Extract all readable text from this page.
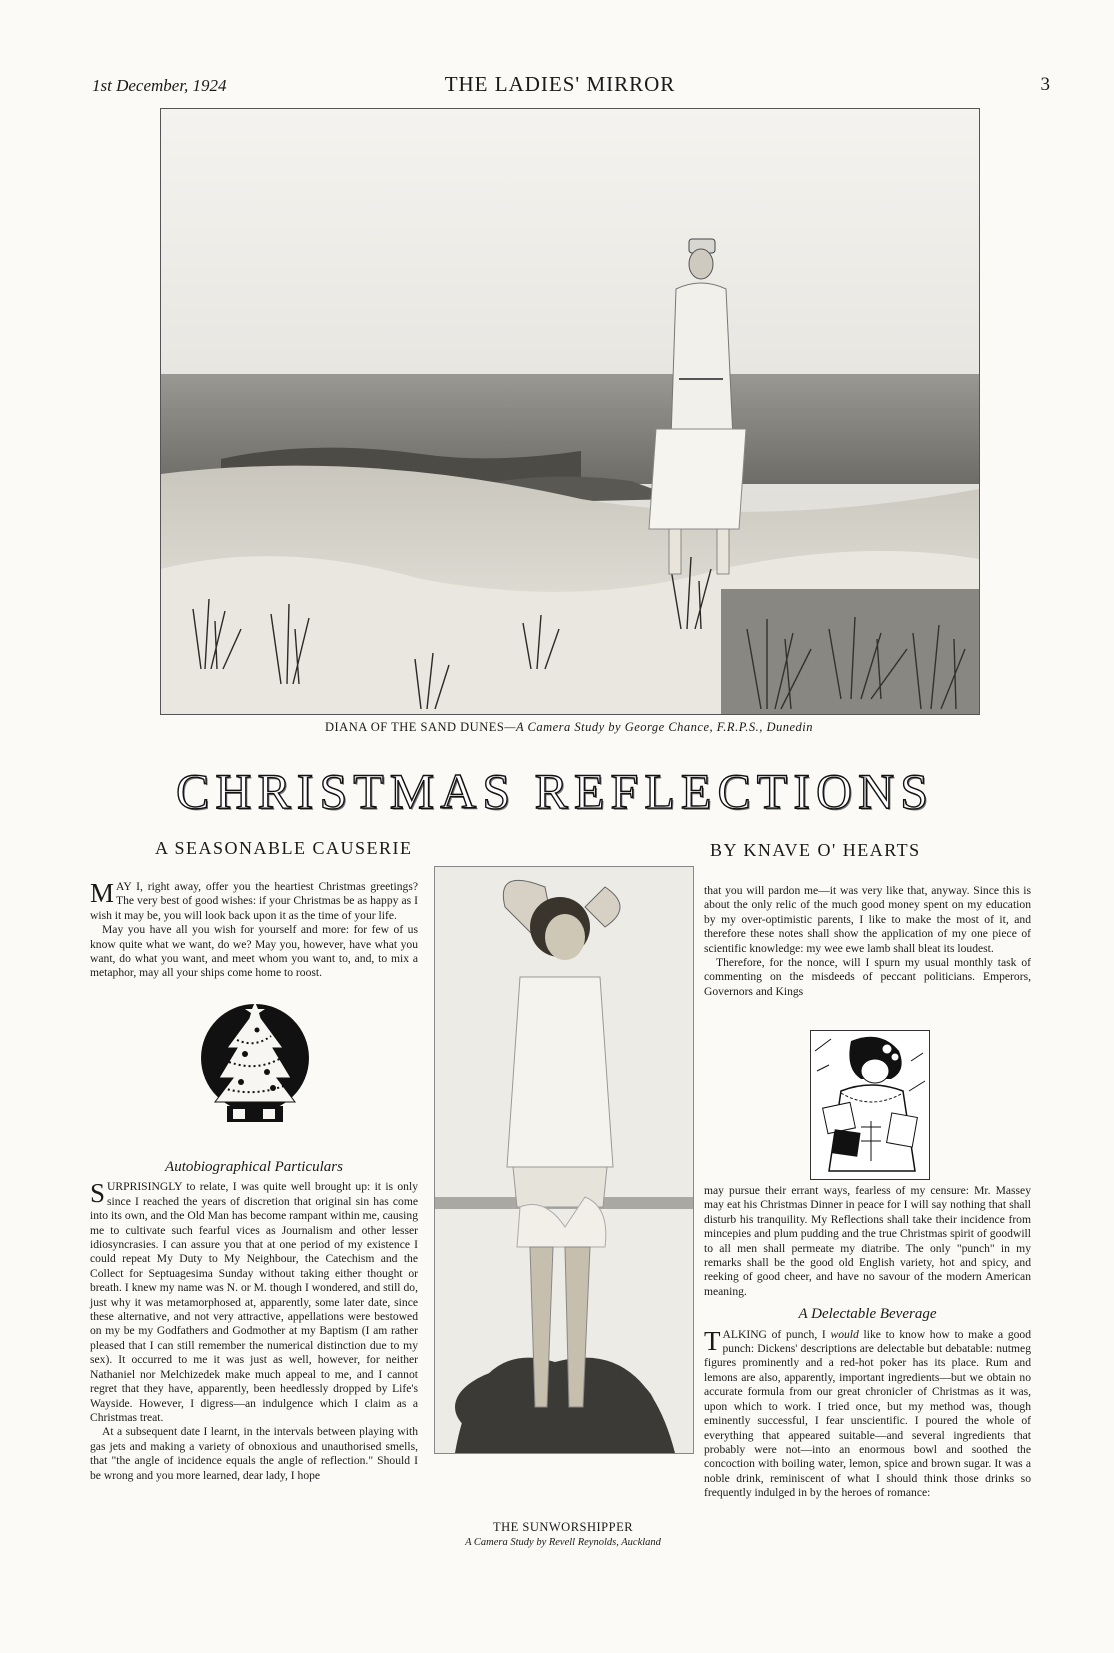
1st December, 1924	THE LADIES' MIRROR	3
DIANA OF THE SAND DUNES—A Camera Study by George Chance, F.R.P.S., Dunedin
CHRISTMAS REFLECTIONS
A SEASONABLE CAUSERIE	BY KNAVE O' HEARTS

MAY I, right away, offer you the heartiest Christmas greetings? The very best of good wishes: if your Christmas be as happy as I wish it may be, you will look back upon it as the time of your life.

May you have all you wish for yourself and more: for few of us know quite what we want, do we? May you, however, have what you want, do what you want, and meet whom you want to, and, to mix a metaphor, may all your ships come home to roost.

Autobiographical Particulars

SURPRISINGLY to relate, I was quite well brought up: it is only since I reached the years of discretion that original sin has come into its own, and the Old Man has become rampant within me, causing me to cultivate such fearful vices as Journalism and other lesser idiosyncrasies. I can assure you that at one period of my existence I could repeat My Duty to My Neighbour, the Catechism and the Collect for Septuagesima Sunday without taking either thought or breath. I knew my name was N. or M. though I wondered, and still do, just why it was metamorphosed at, apparently, some later date, since these alternative, and not very attractive, appellations were bestowed on my be my Godfathers and Godmother at my Baptism (I am rather pleased that I can still remember the numerical distinction due to my sex). It occurred to me it was just as well, however, for neither Nathaniel nor Melchizedek make much appeal to me, and I cannot regret that they have, apparently, been heedlessly dropped by Life's Wayside. However, I digress—an indulgence which I claim as a Christmas treat.

At a subsequent date I learnt, in the intervals between playing with gas jets and making a variety of obnoxious and unauthorised smells, that "the angle of incidence equals the angle of reflection." Should I be wrong and you more learned, dear lady, I hope

THE SUNWORSHIPPER
A Camera Study by Revell Reynolds, Auckland

that you will pardon me—it was very like that, anyway. Since this is about the only relic of the much good money spent on my education by my over-optimistic parents, I like to make the most of it, and therefore these notes shall show the application of my one piece of scientific knowledge: my wee ewe lamb shall bleat its loudest.

Therefore, for the nonce, will I spurn my usual monthly task of commenting on the misdeeds of peccant politicians. Emperors, Governors and Kings

may pursue their errant ways, fearless of my censure: Mr. Massey may eat his Christmas Dinner in peace for I will say nothing that shall disturb his tranquility. My Reflections shall take their incidence from mincepies and plum pudding and the true Christmas spirit of goodwill to all men shall permeate my diatribe. The only "punch" in my remarks shall be the good old English variety, hot and spicy, and reeking of good cheer, and have no savour of the modern American meaning.

A Delectable Beverage

TALKING of punch, I would like to know how to make a good punch: Dickens' descriptions are delectable but debatable: nutmeg figures prominently and a red-hot poker has its place. Rum and lemons are also, apparently, important ingredients—but we obtain no accurate formula from our great chronicler of Christmas as it was, upon which to work. I tried once, but my method was, though eminently successful, I fear unscientific. I poured the whole of everything that appeared suitable—and several ingredients that probably were not—into an enormous bowl and soothed the concoction with boiling water, lemon, spice and brown sugar. It was a noble drink, reminiscent of what I should think those drinks so frequently indulged in by the heroes of romance:
